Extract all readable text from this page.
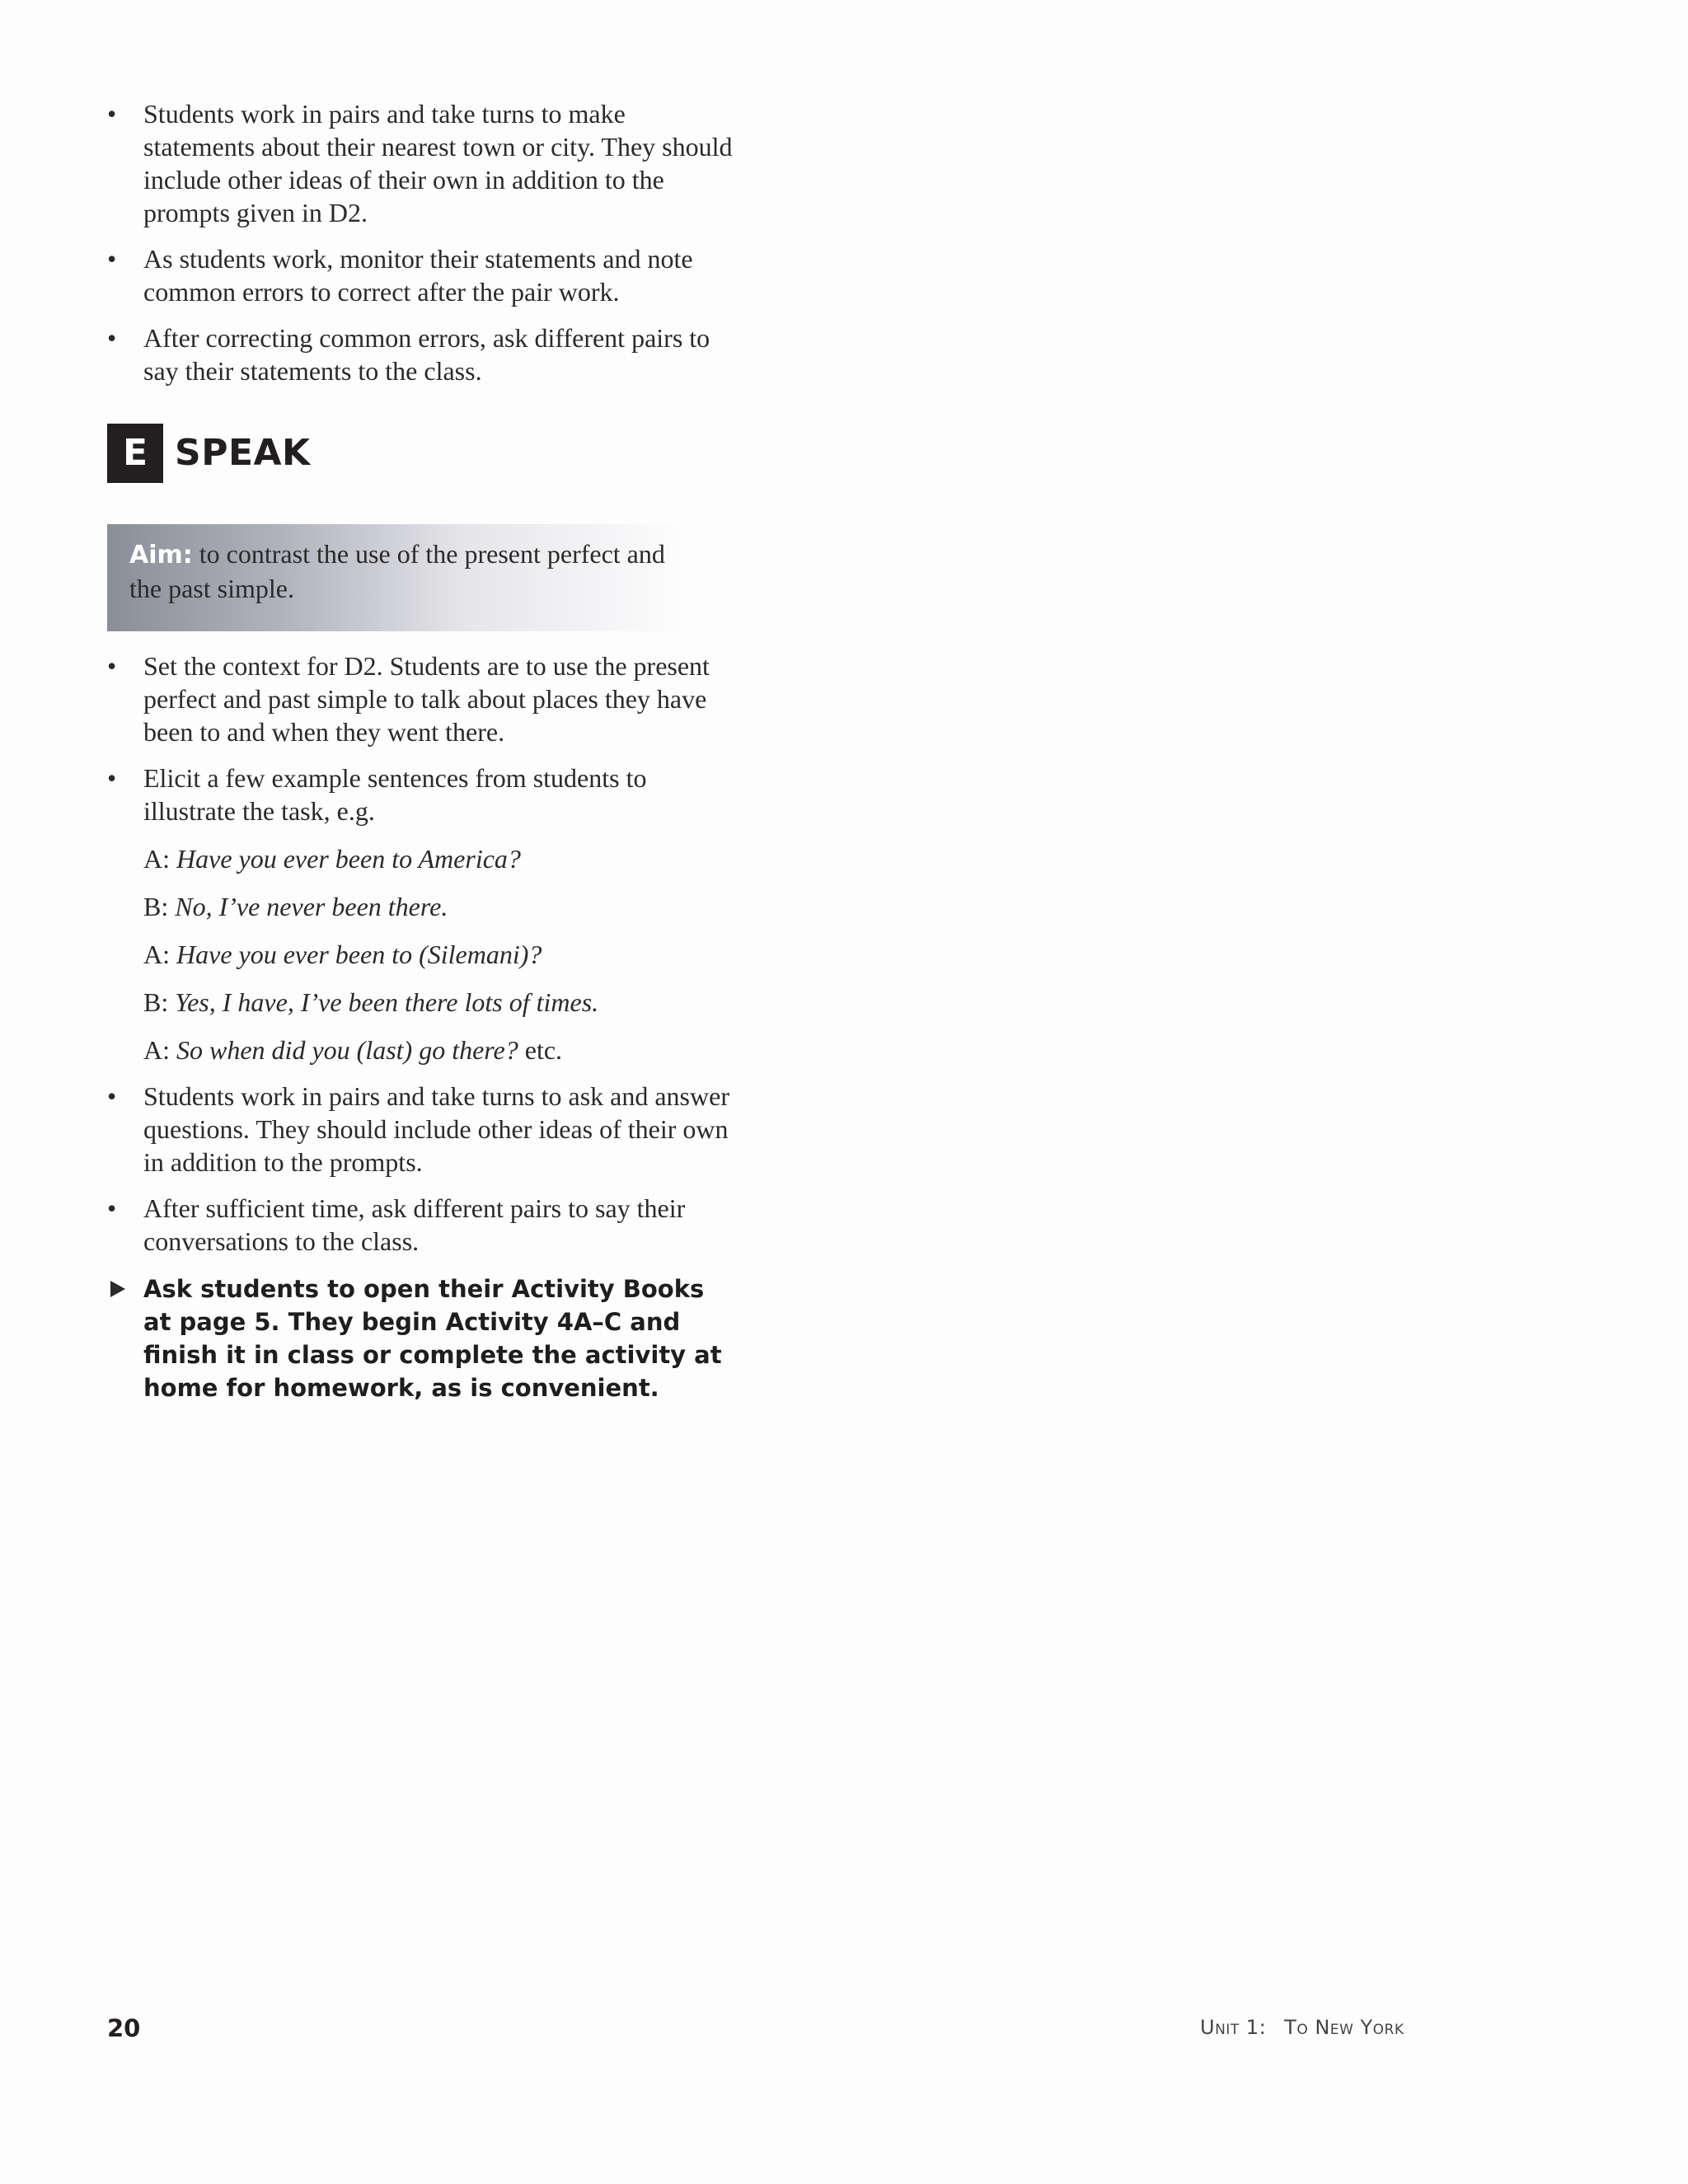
• Students work in pairs and take turns to make statements about their nearest town or city. They should include other ideas of their own in addition to the prompts given in D2.
• As students work, monitor their statements and note common errors to correct after the pair work.
• After correcting common errors, ask different pairs to say their statements to the class.
E SPEAK
Aim: to contrast the use of the present perfect and the past simple.
• Set the context for D2. Students are to use the present perfect and past simple to talk about places they have been to and when they went there.
• Elicit a few example sentences from students to illustrate the task, e.g.
A: Have you ever been to America?
B: No, I’ve never been there.
A: Have you ever been to (Silemani)?
B: Yes, I have, I’ve been there lots of times.
A: So when did you (last) go there? etc.
• Students work in pairs and take turns to ask and answer questions. They should include other ideas of their own in addition to the prompts.
• After sufficient time, ask different pairs to say their conversations to the class.
Ask students to open their Activity Books at page 5. They begin Activity 4A–C and finish it in class or complete the activity at home for homework, as is convenient.
20	Unit 1: To New York
